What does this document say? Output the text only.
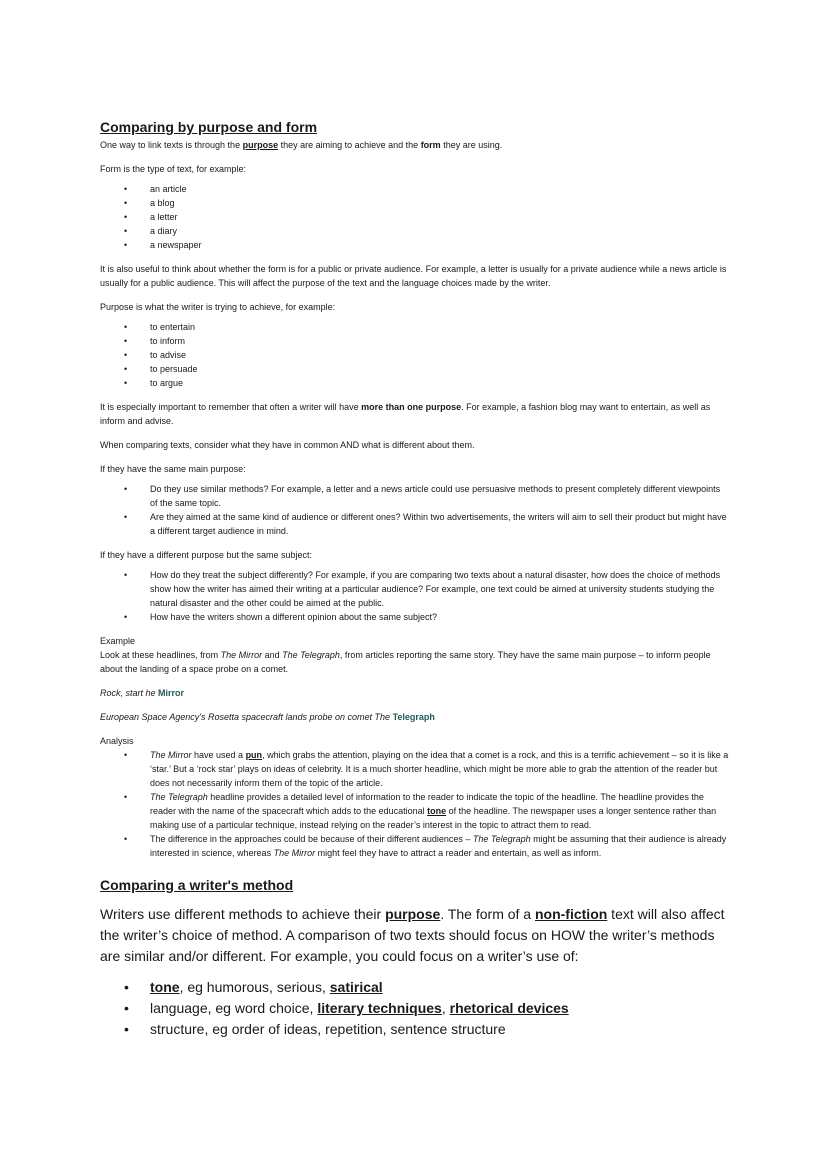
Comparing by purpose and form

One way to link texts is through the purpose they are aiming to achieve and the form they are using.

Form is the type of text, for example:

•	an article
•	a blog
•	a letter
•	a diary
•	a newspaper

It is also useful to think about whether the form is for a public or private audience. For example, a letter is usually for a private audience while a news article is usually for a public audience. This will affect the purpose of the text and the language choices made by the writer.

Purpose is what the writer is trying to achieve, for example:

•	to entertain
•	to inform
•	to advise
•	to persuade
•	to argue

It is especially important to remember that often a writer will have more than one purpose. For example, a fashion blog may want to entertain, as well as inform and advise.

When comparing texts, consider what they have in common AND what is different about them.

If they have the same main purpose:

•	Do they use similar methods? For example, a letter and a news article could use persuasive methods to present completely different viewpoints of the same topic.
•	Are they aimed at the same kind of audience or different ones? Within two advertisements, the writers will aim to sell their product but might have a different target audience in mind.

If they have a different purpose but the same subject:

•	How do they treat the subject differently? For example, if you are comparing two texts about a natural disaster, how does the choice of methods show how the writer has aimed their writing at a particular audience? For example, one text could be aimed at university students studying the natural disaster and the other could be aimed at the public.
•	How have the writers shown a different opinion about the same subject?

Example

Look at these headlines, from The Mirror and The Telegraph, from articles reporting the same story. They have the same main purpose – to inform people about the landing of a space probe on a comet.

Rock, start he Mirror

European Space Agency's Rosetta spacecraft lands probe on comet The Telegraph

Analysis

•	The Mirror have used a pun, which grabs the attention, playing on the idea that a comet is a rock, and this is a terrific achievement – so it is like a ‘star.’ But a ‘rock star’ plays on ideas of celebrity. It is a much shorter headline, which might be more able to grab the attention of the reader but does not necessarily inform them of the topic of the article.
•	The Telegraph headline provides a detailed level of information to the reader to indicate the topic of the headline. The headline provides the reader with the name of the spacecraft which adds to the educational tone of the headline. The newspaper uses a longer sentence rather than making use of a particular technique, instead relying on the reader’s interest in the topic to attract them to read.
•	The difference in the approaches could be because of their different audiences – The Telegraph might be assuming that their audience is already interested in science, whereas The Mirror might feel they have to attract a reader and entertain, as well as inform.
Comparing a writer's method

Writers use different methods to achieve their purpose. The form of a non-fiction text will also affect the writer’s choice of method. A comparison of two texts should focus on HOW the writer’s methods are similar and/or different. For example, you could focus on a writer’s use of:

• tone, eg humorous, serious, satirical
• language, eg word choice, literary techniques, rhetorical devices
• structure, eg order of ideas, repetition, sentence structure
